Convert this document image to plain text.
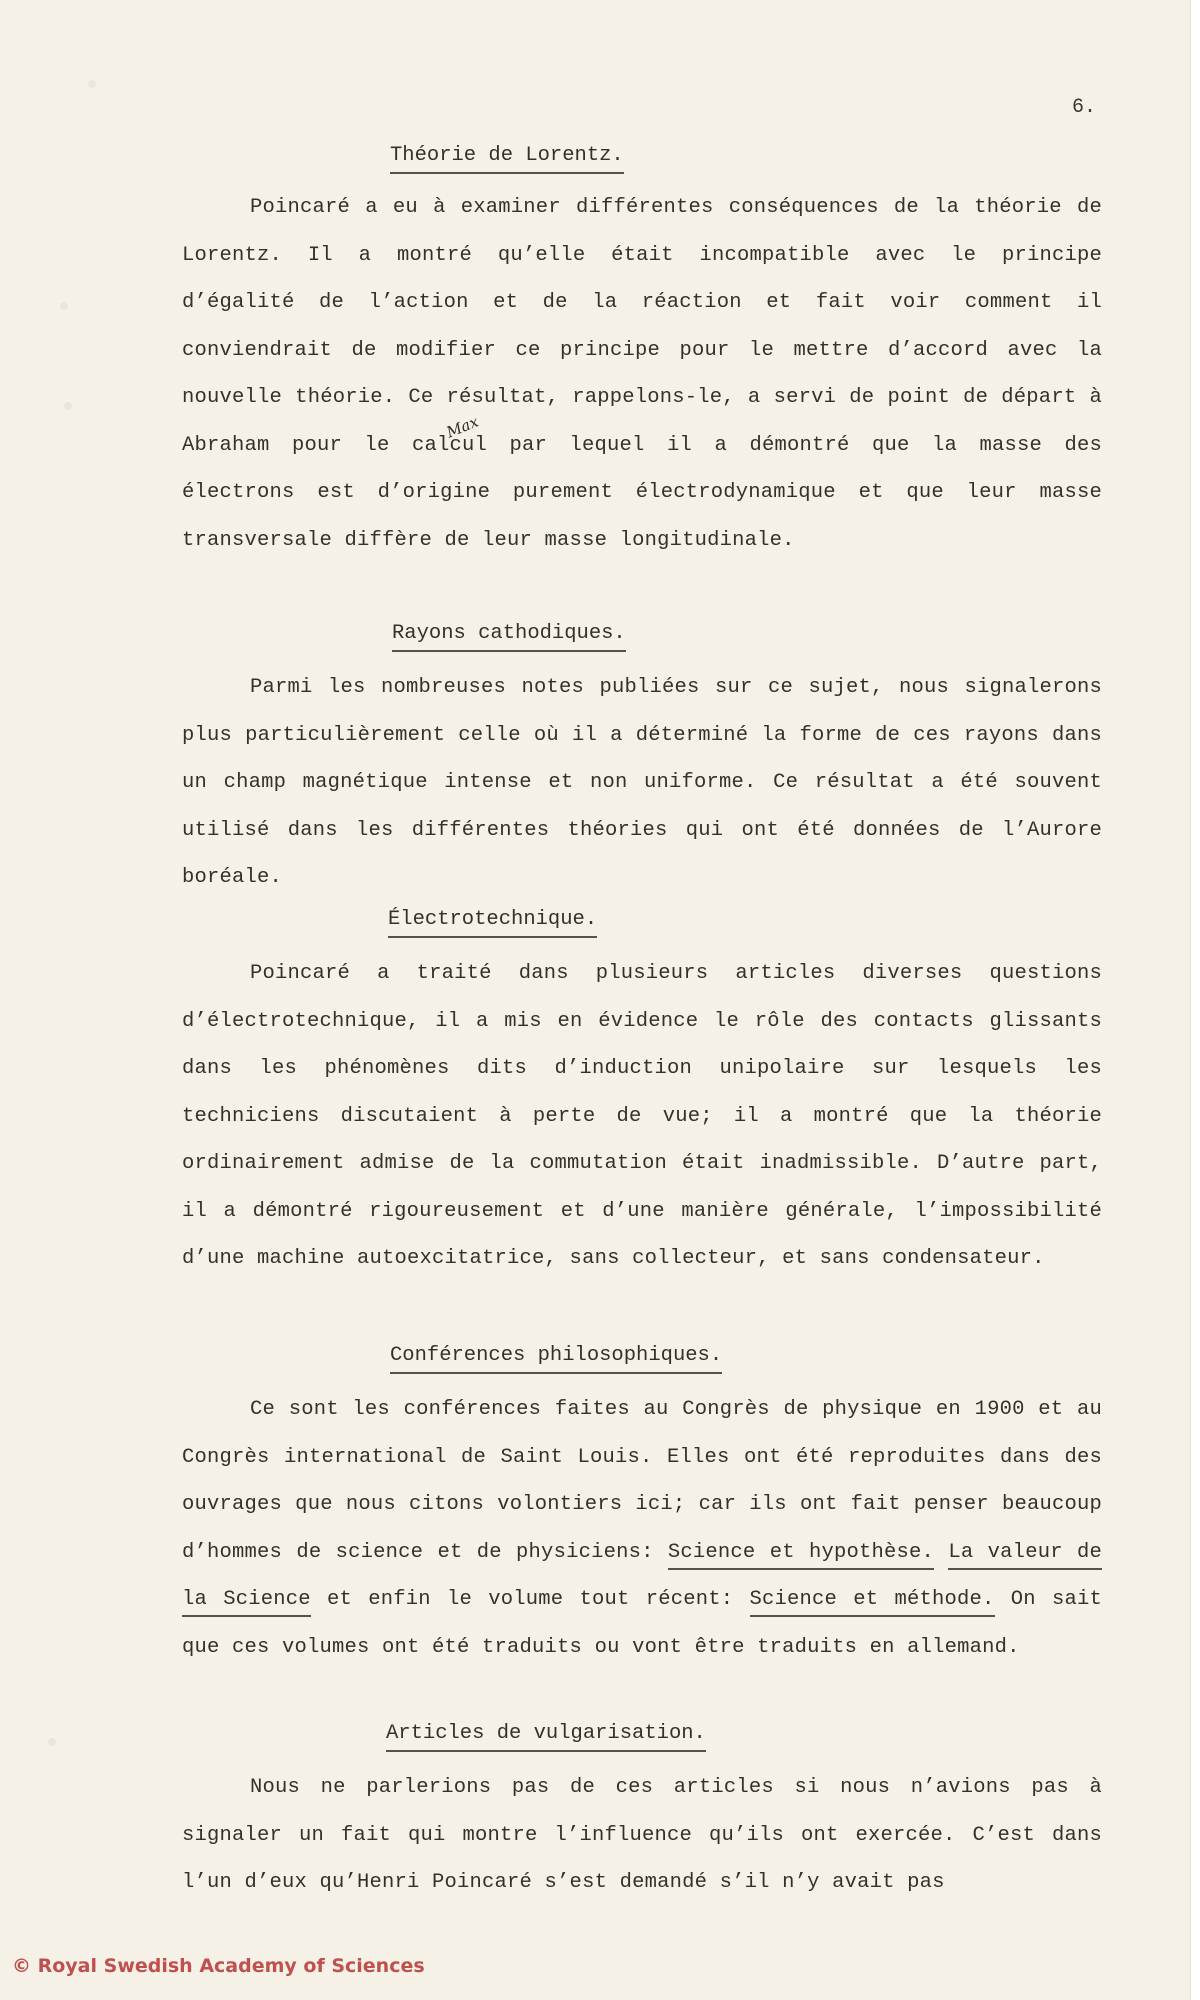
6.
Max
Théorie de Lorentz.

Poincaré a eu à examiner différentes conséquences de la théorie de Lorentz. Il a montré qu’elle était incompatible avec le principe d’égalité de l’action et de la réaction et fait voir comment il conviendrait de modifier ce principe pour le mettre d’accord avec la nouvelle théorie. Ce résultat, rappelons-le, a servi de point de départ à Abraham pour le calcul par lequel il a démontré que la masse des électrons est d’origine purement électrodynamique et que leur masse transversale diffère de leur masse longitudinale.

Rayons cathodiques.

Parmi les nombreuses notes publiées sur ce sujet, nous signalerons plus particulièrement celle où il a déterminé la forme de ces rayons dans un champ magnétique intense et non uniforme. Ce résultat a été souvent utilisé dans les différentes théories qui ont été données de l’Aurore boréale.

Électrotechnique.

Poincaré a traité dans plusieurs articles diverses questions d’électrotechnique, il a mis en évidence le rôle des contacts glissants dans les phénomènes dits d’induction unipolaire sur lesquels les techniciens discutaient à perte de vue; il a montré que la théorie ordinairement admise de la commutation était inadmissible. D’autre part, il a démontré rigoureusement et d’une manière générale, l’impossibilité d’une machine autoexcitatrice, sans collecteur, et sans condensateur.

Conférences philosophiques.

Ce sont les conférences faites au Congrès de physique en 1900 et au Congrès international de Saint Louis. Elles ont été reproduites dans des ouvrages que nous citons volontiers ici; car ils ont fait penser beaucoup d’hommes de science et de physiciens: Science et hypothèse. La valeur de la Science et enfin le volume tout récent: Science et méthode. On sait que ces volumes ont été traduits ou vont être traduits en allemand.

Articles de vulgarisation.

Nous ne parlerions pas de ces articles si nous n’avions pas à signaler un fait qui montre l’influence qu’ils ont exercée. C’est dans l’un d’eux qu’Henri Poincaré s’est demandé s’il n’y avait pas

© Royal Swedish Academy of Sciences
